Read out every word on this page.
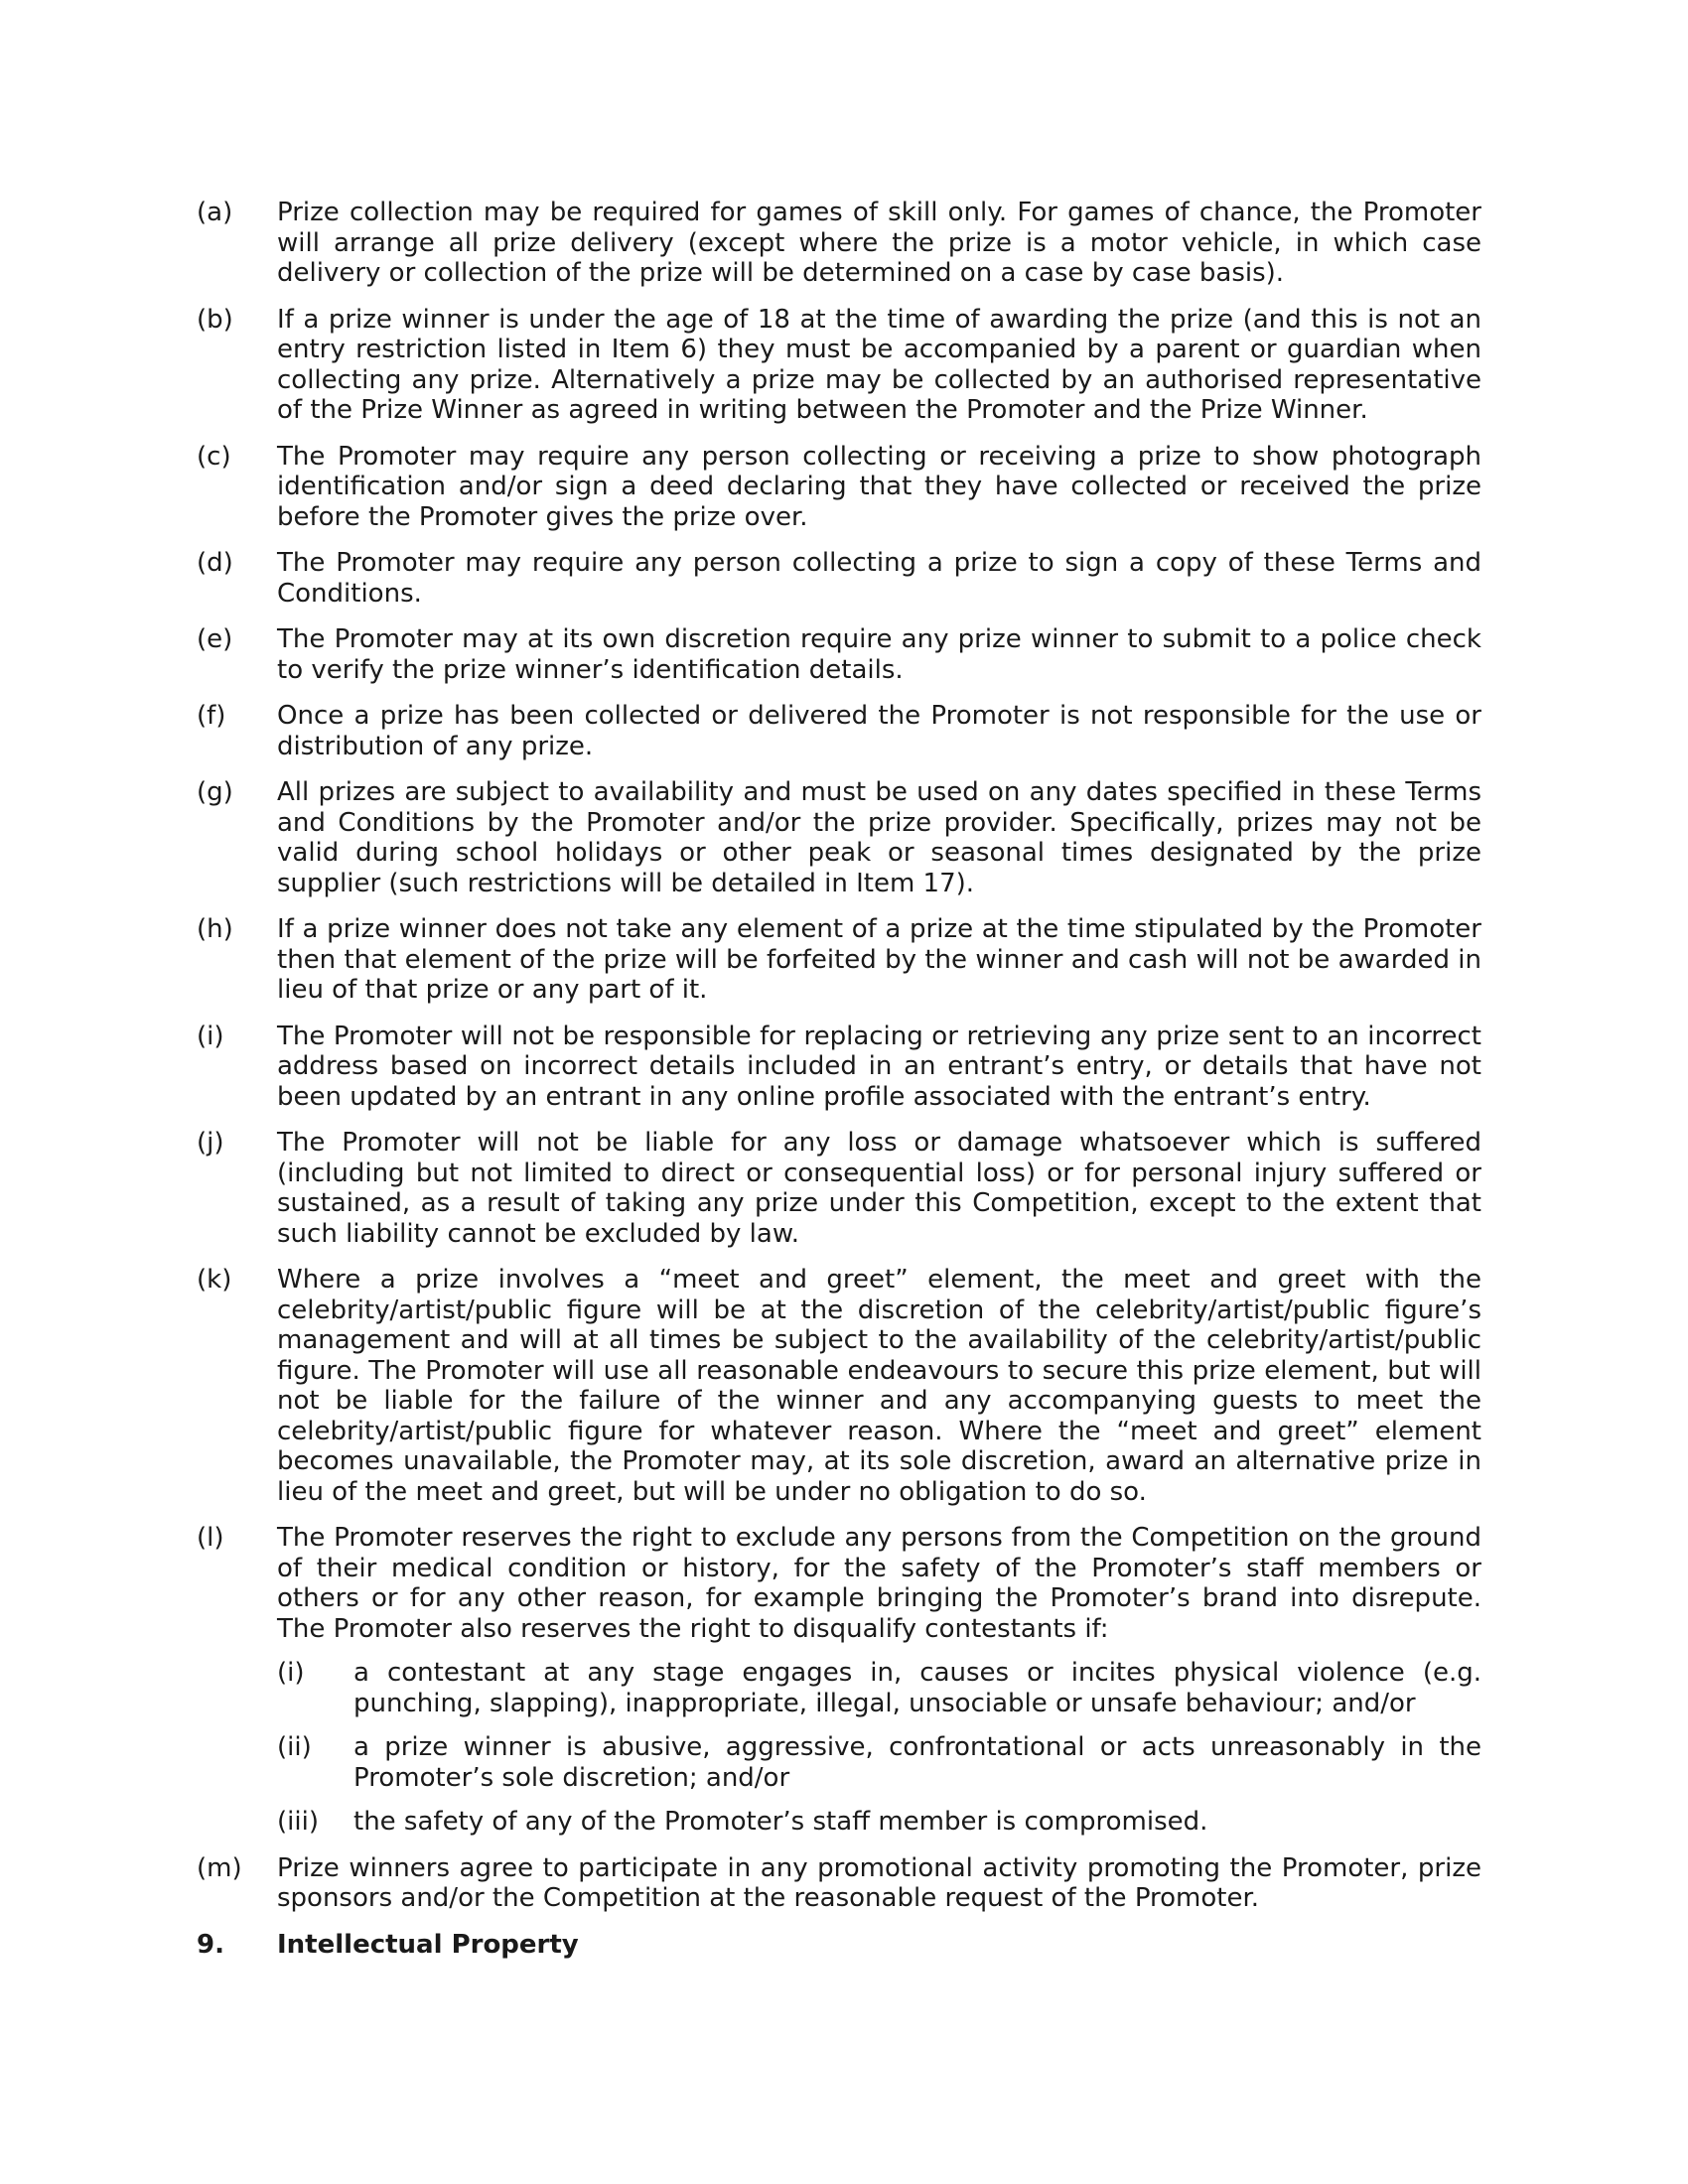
(a) Prize collection may be required for games of skill only. For games of chance, the Promoter will arrange all prize delivery (except where the prize is a motor vehicle, in which case delivery or collection of the prize will be determined on a case by case basis).
(b) If a prize winner is under the age of 18 at the time of awarding the prize (and this is not an entry restriction listed in Item 6) they must be accompanied by a parent or guardian when collecting any prize. Alternatively a prize may be collected by an authorised representative of the Prize Winner as agreed in writing between the Promoter and the Prize Winner.
(c) The Promoter may require any person collecting or receiving a prize to show photograph identification and/or sign a deed declaring that they have collected or received the prize before the Promoter gives the prize over.
(d) The Promoter may require any person collecting a prize to sign a copy of these Terms and Conditions.
(e) The Promoter may at its own discretion require any prize winner to submit to a police check to verify the prize winner’s identification details.
(f) Once a prize has been collected or delivered the Promoter is not responsible for the use or distribution of any prize.
(g) All prizes are subject to availability and must be used on any dates specified in these Terms and Conditions by the Promoter and/or the prize provider. Specifically, prizes may not be valid during school holidays or other peak or seasonal times designated by the prize supplier (such restrictions will be detailed in Item 17).
(h) If a prize winner does not take any element of a prize at the time stipulated by the Promoter then that element of the prize will be forfeited by the winner and cash will not be awarded in lieu of that prize or any part of it.
(i) The Promoter will not be responsible for replacing or retrieving any prize sent to an incorrect address based on incorrect details included in an entrant’s entry, or details that have not been updated by an entrant in any online profile associated with the entrant’s entry.
(j) The Promoter will not be liable for any loss or damage whatsoever which is suffered (including but not limited to direct or consequential loss) or for personal injury suffered or sustained, as a result of taking any prize under this Competition, except to the extent that such liability cannot be excluded by law.
(k) Where a prize involves a “meet and greet” element, the meet and greet with the celebrity/artist/public figure will be at the discretion of the celebrity/artist/public figure’s management and will at all times be subject to the availability of the celebrity/artist/public figure. The Promoter will use all reasonable endeavours to secure this prize element, but will not be liable for the failure of the winner and any accompanying guests to meet the celebrity/artist/public figure for whatever reason. Where the “meet and greet” element becomes unavailable, the Promoter may, at its sole discretion, award an alternative prize in lieu of the meet and greet, but will be under no obligation to do so.
(l) The Promoter reserves the right to exclude any persons from the Competition on the ground of their medical condition or history, for the safety of the Promoter’s staff members or others or for any other reason, for example bringing the Promoter’s brand into disrepute. The Promoter also reserves the right to disqualify contestants if:
(i) a contestant at any stage engages in, causes or incites physical violence (e.g. punching, slapping), inappropriate, illegal, unsociable or unsafe behaviour; and/or
(ii) a prize winner is abusive, aggressive, confrontational or acts unreasonably in the Promoter’s sole discretion; and/or
(iii) the safety of any of the Promoter’s staff member is compromised.
(m) Prize winners agree to participate in any promotional activity promoting the Promoter, prize sponsors and/or the Competition at the reasonable request of the Promoter.
9. Intellectual Property
